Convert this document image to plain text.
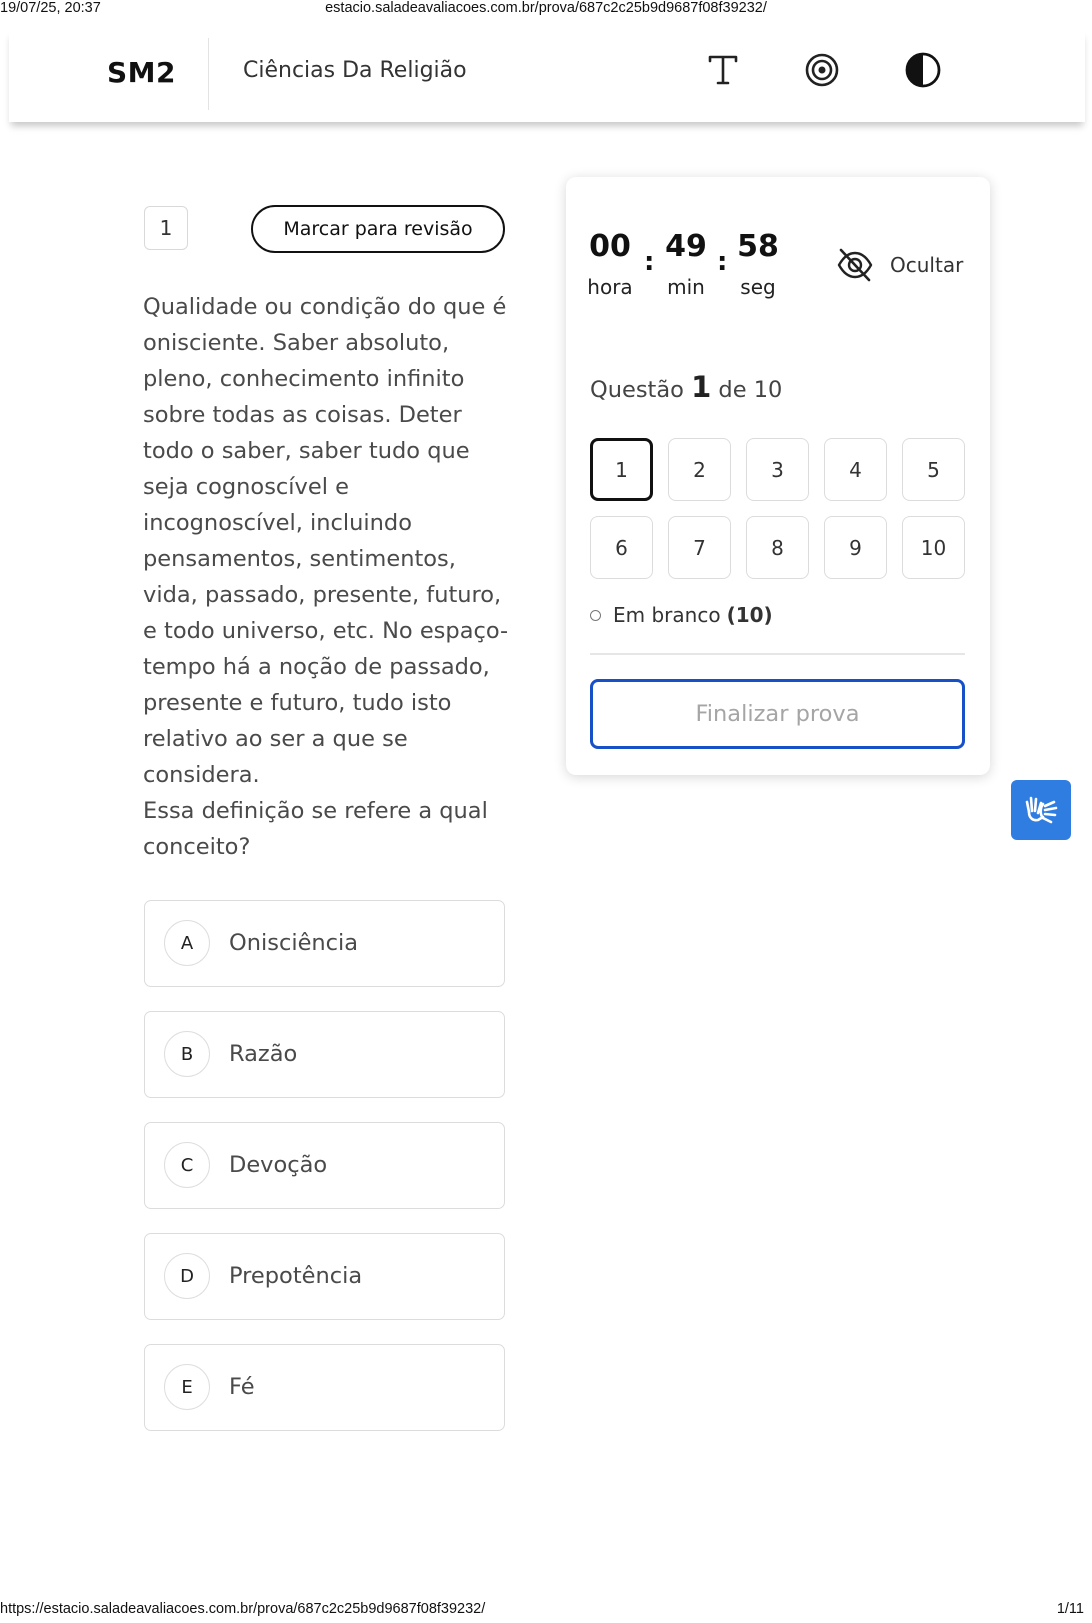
19/07/25, 20:37	estacio.saladeavaliacoes.com.br/prova/687c2c25b9d9687f08f39232/
SM2	Ciências Da Religião
1	Marcar para revisão

Qualidade ou condição do que é onisciente. Saber absoluto, pleno, conhecimento infinito sobre todas as coisas. Deter todo o saber, saber tudo que seja cognoscível e incognoscível, incluindo pensamentos, sentimentos, vida, passado, presente, futuro, e todo universo, etc. No espaço-tempo há a noção de passado, presente e futuro, tudo isto relativo ao ser a que se considera.

Essa definição se refere a qual conceito?

A	Onisciência
B	Razão
C	Devoção
D	Prepotência
E	Fé
00 : 49 : 58
hora	min	seg
Ocultar
Questão 1 de 10
1	2	3	4	5
6	7	8	9	10
Em branco (10)
Finalizar prova
https://estacio.saladeavaliacoes.com.br/prova/687c2c25b9d9687f08f39232/	1/11
